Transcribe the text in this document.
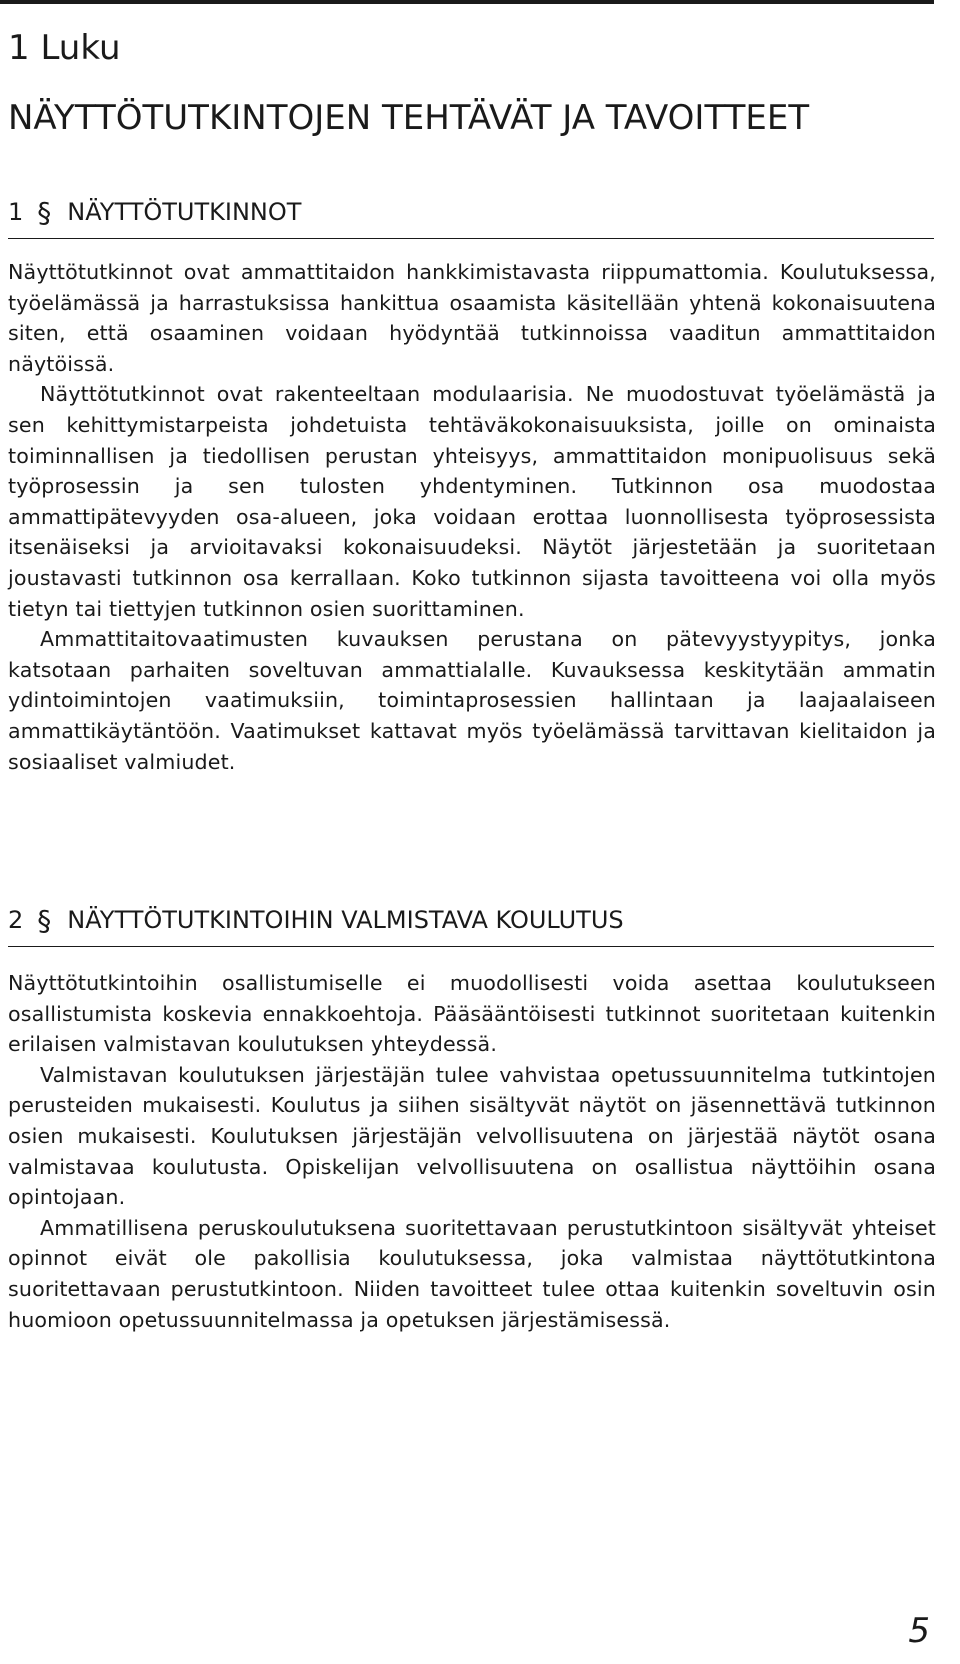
1 Luku
NÄYTTÖTUTKINTOJEN TEHTÄVÄT JA TAVOITTEET
1 § NÄYTTÖTUTKINNOT

Näyttötutkinnot ovat ammattitaidon hankkimistavasta riippumattomia. Koulutuksessa, työelämässä ja harrastuksissa hankittua osaamista käsitellään yhtenä kokonaisuutena siten, että osaaminen voidaan hyödyntää tutkinnoissa vaaditun ammattitaidon näytöissä.

Näyttötutkinnot ovat rakenteeltaan modulaarisia. Ne muodostuvat työelämästä ja sen kehittymistarpeista johdetuista tehtäväkokonaisuuksista, joille on ominaista toiminnallisen ja tiedollisen perustan yhteisyys, ammattitaidon monipuolisuus sekä työprosessin ja sen tulosten yhdentyminen. Tutkinnon osa muodostaa ammattipätevyyden osa-alueen, joka voidaan erottaa luonnollisesta työprosessista itsenäiseksi ja arvioitavaksi kokonaisuudeksi. Näytöt järjestetään ja suoritetaan joustavasti tutkinnon osa kerrallaan. Koko tutkinnon sijasta tavoitteena voi olla myös tietyn tai tiettyjen tutkinnon osien suorittaminen.

Ammattitaitovaatimusten kuvauksen perustana on pätevyystyypitys, jonka katsotaan parhaiten soveltuvan ammattialalle. Kuvauksessa keskitytään ammatin ydintoimintojen vaatimuksiin, toimintaprosessien hallintaan ja laajaalaiseen ammattikäytäntöön. Vaatimukset kattavat myös työelämässä tarvittavan kielitaidon ja sosiaaliset valmiudet.

2 § NÄYTTÖTUTKINTOIHIN VALMISTAVA KOULUTUS

Näyttötutkintoihin osallistumiselle ei muodollisesti voida asettaa koulutukseen osallistumista koskevia ennakkoehtoja. Pääsääntöisesti tutkinnot suoritetaan kuitenkin erilaisen valmistavan koulutuksen yhteydessä.

Valmistavan koulutuksen järjestäjän tulee vahvistaa opetussuunnitelma tutkintojen perusteiden mukaisesti. Koulutus ja siihen sisältyvät näytöt on jäsennettävä tutkinnon osien mukaisesti. Koulutuksen järjestäjän velvollisuutena on järjestää näytöt osana valmistavaa koulutusta. Opiskelijan velvollisuutena on osallistua näyttöihin osana opintojaan.

Ammatillisena peruskoulutuksena suoritettavaan perustutkintoon sisältyvät yhteiset opinnot eivät ole pakollisia koulutuksessa, joka valmistaa näyttötutkintona suoritettavaan perustutkintoon. Niiden tavoitteet tulee ottaa kuitenkin soveltuvin osin huomioon opetussuunnitelmassa ja opetuksen järjestämisessä.

5
